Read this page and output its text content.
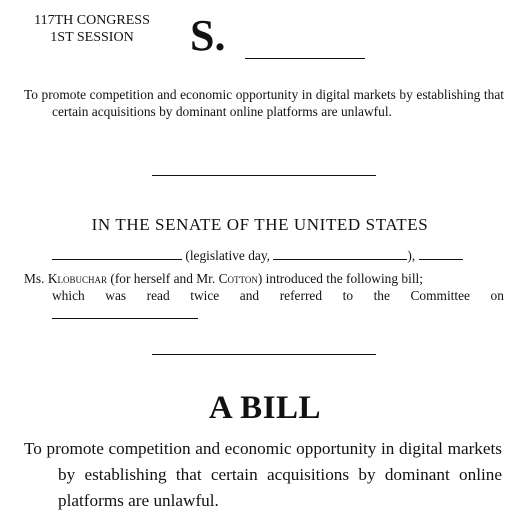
117TH CONGRESS
1ST SESSION	S.
To promote competition and economic opportunity in digital markets by establishing that certain acquisitions by dominant online platforms are unlawful.
IN THE SENATE OF THE UNITED STATES
(legislative day,	),
Ms. Klobuchar (for herself and Mr. Cotton) introduced the following bill;
which was read twice and referred to the Committee on
A BILL
To promote competition and economic opportunity in digital markets by establishing that certain acquisitions by dominant online platforms are unlawful.
